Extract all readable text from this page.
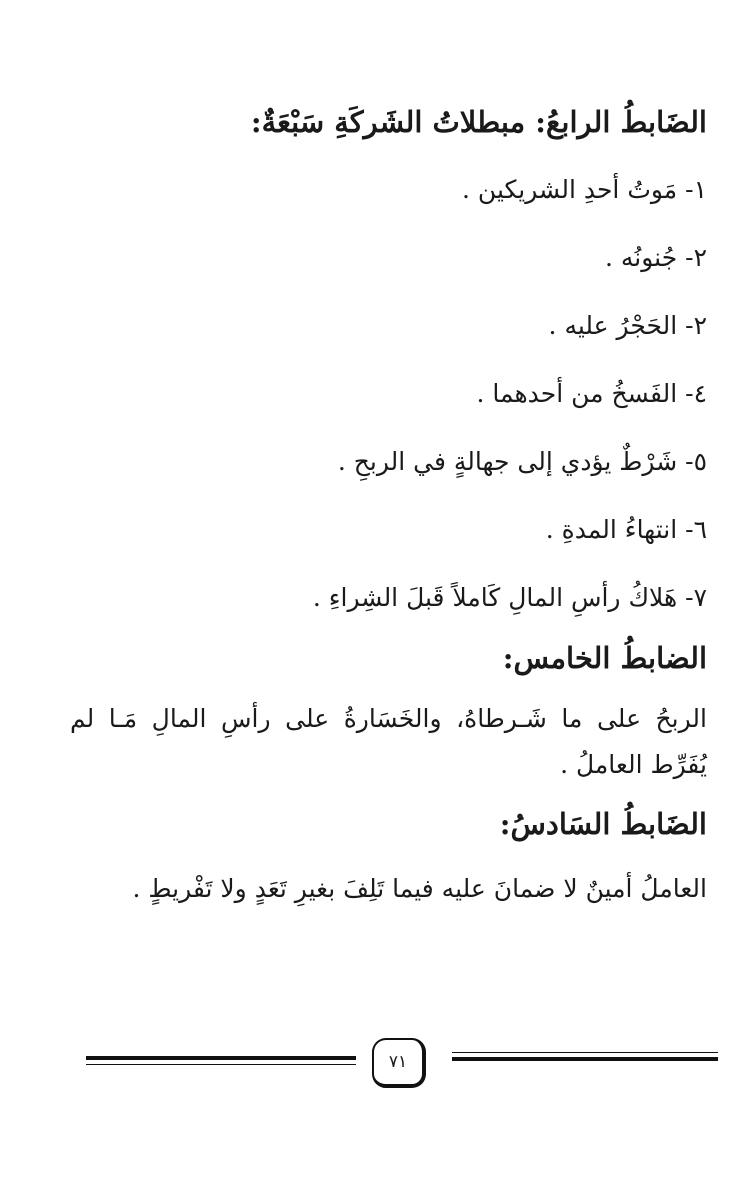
الضَابطُ الرابعُ: مبطلاتُ الشَركَةِ سَبْعَةٌ:

١- مَوتُ أحدِ الشريكين .

٢- جُنونُه .

٢- الحَجْرُ عليه .

٤- الفَسخُ من أحدهما .

٥- شَرْطٌ يؤدي إلى جهالةٍ في الربحِ .

٦- انتهاءُ المدةِ .

٧- هَلاكُ رأسِ المالِ كَاملاً قَبلَ الشِراءِ .

الضابطُ الخامس:

الربحُ على ما شَـرطاهُ، والخَسَارةُ على رأسِ المالِ مَـا لم يُفَرِّط العاملُ .

الضَابطُ السَادسُ:

العاملُ أمينٌ لا ضمانَ عليه فيما تَلِفَ بغيرِ تَعَدٍ ولا تَفْريطٍ .

٧١
